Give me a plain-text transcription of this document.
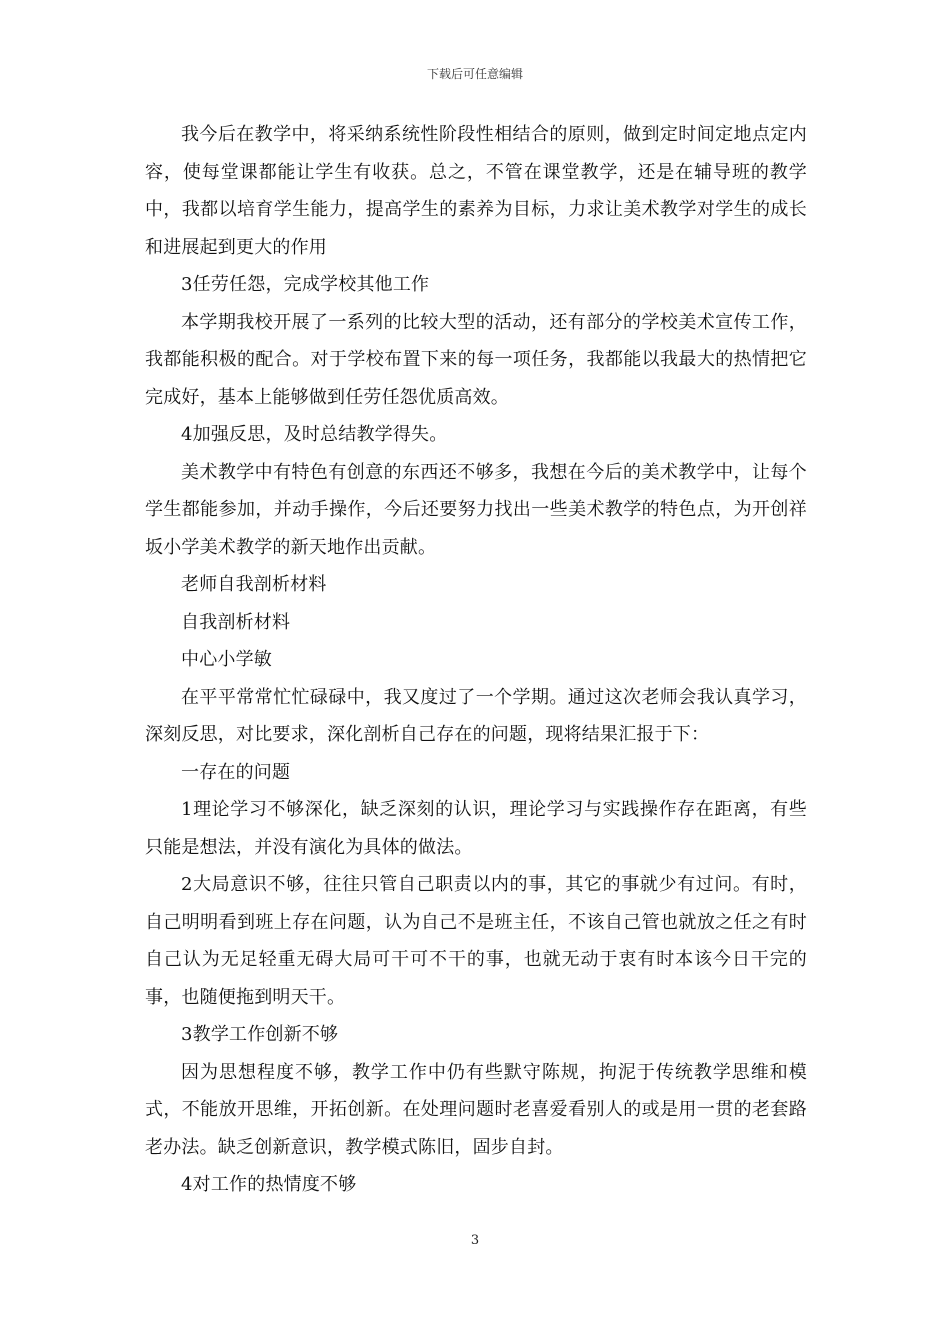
下载后可任意编辑

我今后在教学中，将采纳系统性阶段性相结合的原则，做到定时间定地点定内容，使每堂课都能让学生有收获。总之，不管在课堂教学，还是在辅导班的教学中，我都以培育学生能力，提高学生的素养为目标，力求让美术教学对学生的成长和进展起到更大的作用

3任劳任怨，完成学校其他工作

本学期我校开展了一系列的比较大型的活动，还有部分的学校美术宣传工作，我都能积极的配合。对于学校布置下来的每一项任务，我都能以我最大的热情把它完成好，基本上能够做到任劳任怨优质高效。

4加强反思，及时总结教学得失。

美术教学中有特色有创意的东西还不够多，我想在今后的美术教学中，让每个学生都能参加，并动手操作，今后还要努力找出一些美术教学的特色点，为开创祥坂小学美术教学的新天地作出贡献。

老师自我剖析材料

自我剖析材料

中心小学敏

在平平常常忙忙碌碌中，我又度过了一个学期。通过这次老师会我认真学习，深刻反思，对比要求，深化剖析自己存在的问题，现将结果汇报于下：

一存在的问题

1理论学习不够深化，缺乏深刻的认识，理论学习与实践操作存在距离，有些只能是想法，并没有演化为具体的做法。

2大局意识不够，往往只管自己职责以内的事，其它的事就少有过问。有时，自己明明看到班上存在问题，认为自己不是班主任，不该自己管也就放之任之有时自己认为无足轻重无碍大局可干可不干的事，也就无动于衷有时本该今日干完的事，也随便拖到明天干。

3教学工作创新不够

因为思想程度不够，教学工作中仍有些默守陈规，拘泥于传统教学思维和模式，不能放开思维，开拓创新。在处理问题时老喜爱看别人的或是用一贯的老套路老办法。缺乏创新意识，教学模式陈旧，固步自封。

4对工作的热情度不够

3
